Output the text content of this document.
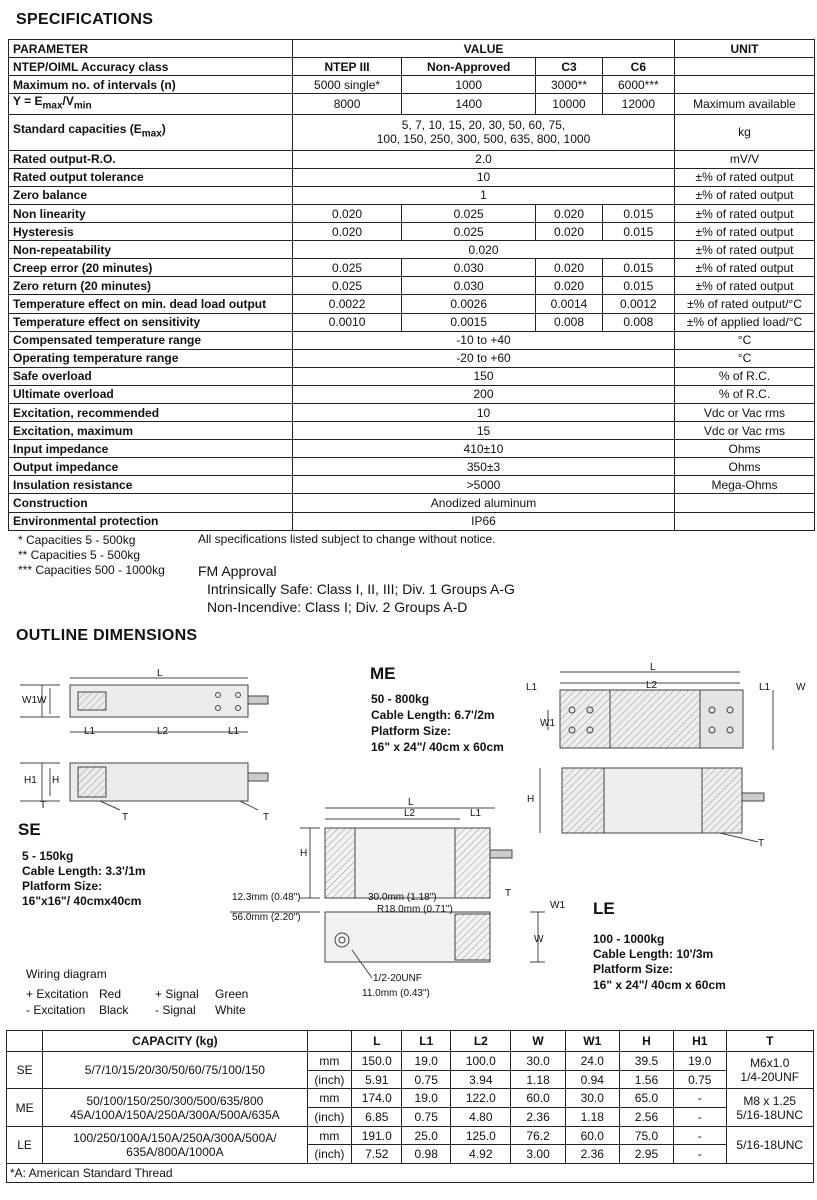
SPECIFICATIONS
PARAMETER	VALUE				UNIT
NTEP/OIML Accuracy class	NTEP III	Non-Approved	C3	C6	
Maximum no. of intervals (n)	5000 single*	1000	3000**	6000***	
$Y = E_{max}/V_{min}$	8000	1400	10000	12000	Maximum available
Standard capacities $(E_{max})$	5, 7, 10, 15, 20, 30, 50, 60, 75,
100, 150, 250, 300, 500, 635, 800, 1000				kg
Rated output-R.O.	2.0				mV/V
Rated output tolerance	10				±% of rated output
Zero balance	1				±% of rated output
Non linearity	0.020	0.025	0.020	0.015	±% of rated output
Hysteresis	0.020	0.025	0.020	0.015	±% of rated output
Non-repeatability	0.020				±% of rated output
Creep error (20 minutes)	0.025	0.030	0.020	0.015	±% of rated output
Zero return (20 minutes)	0.025	0.030	0.020	0.015	±% of rated output
Temperature effect on min. dead load output	0.0022	0.0026	0.0014	0.0012	±% of rated output/°C
Temperature effect on sensitivity	0.0010	0.0015	0.008	0.008	±% of applied load/°C
Compensated temperature range	-10 to +40				°C
Operating temperature range	-20 to +60				°C
Safe overload	150				% of R.C.
Ultimate overload	200				% of R.C.
Excitation, recommended	10				Vdc or Vac rms
Excitation, maximum	15				Vdc or Vac rms
Input impedance	410±10				Ohms
Output impedance	350±3				Ohms
Insulation resistance	>5000				Mega-Ohms
Construction	Anodized aluminum				
Environmental protection	IP66				
* Capacities 5 - 500kg
** Capacities 5 - 500kg
*** Capacities 500 - 1000kg
All specifications listed subject to change without notice.
FM Approval
Intrinsically Safe: Class I, II, III; Div. 1 Groups A-G
Non-Incendive: Class I; Div. 2 Groups A-D
OUTLINE DIMENSIONS
L
W1 W
L1	L2	L1
H1 H
T
T	T
L
L2	L1
H
T
12.3mm (0.48")	30.0mm (1.18")
56.0mm (2.20")
R18.0mm (0.71")
1/2-20UNF
11.0mm (0.43")
W
W1
L
L2
L1	L1	W
W1
H
T
SE
5 - 150kg
Cable Length: 3.3'/1m
Platform Size:
16"x16"/ 40cmx40cm
ME
50 - 800kg
Cable Length: 6.7'/2m
Platform Size:
16" x 24"/ 40cm x 60cm
LE
100 - 1000kg
Cable Length: 10'/3m
Platform Size:
16" x 24"/ 40cm x 60cm
Wiring diagram
+ Excitation Red	+ Signal Green
- Excitation Black - Signal White
	CAPACITY (kg)		L	L1	L2	W	W1	H	H1	T
SE	5/7/10/15/20/30/50/60/75/100/150	mm	150.0	19.0	100.0	30.0	24.0	39.5	19.0	M6x1.0
1/4-20UNF
		(inch)	5.91	0.75	3.94	1.18	0.94	1.56	0.75	
ME	50/100/150/250/300/500/635/800
45A/100A/150A/250A/300A/500A/635A	mm	174.0	19.0	122.0	60.0	30.0	65.0	-	M8 x 1.25
5/16-18UNC
		(inch)	6.85	0.75	4.80	2.36	1.18	2.56	-	
LE	100/250/100A/150A/250A/300A/500A/
635A/800A/1000A	mm	191.0	25.0	125.0	76.2	60.0	75.0	-	5/16-18UNC
		(inch)	7.52	0.98	4.92	3.00	2.36	2.95	-	
*A: American Standard Thread										
